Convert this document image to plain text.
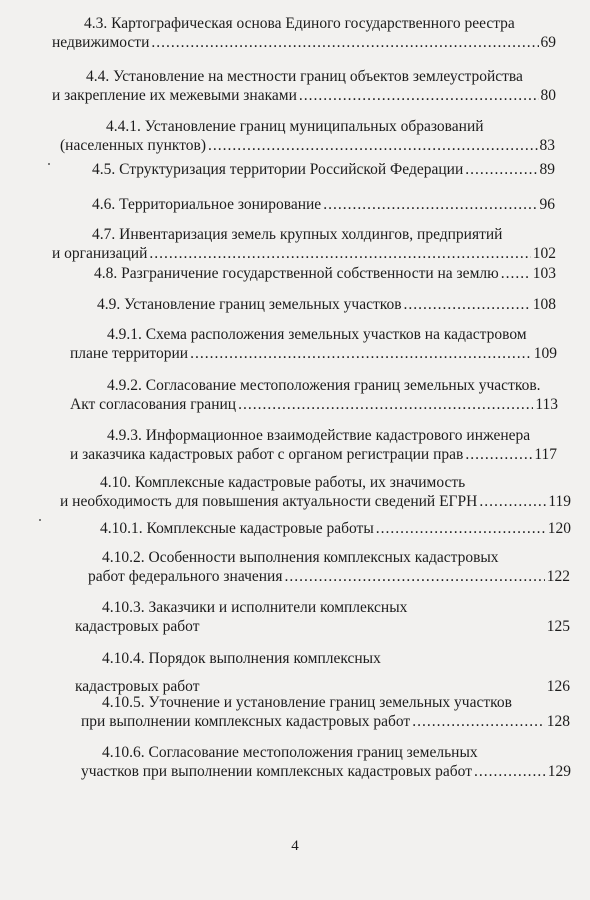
4.3. Картографическая основа Единого государственного реестра
недвижимости .....	69
4.4. Установление на местности границ объектов землеустройства
и закрепление их межевыми знаками .....	80
4.4.1. Установление границ муниципальных образований
(населенных пунктов) .....	83
4.5. Структуризация территории Российской Федерации .....	89
4.6. Территориальное зонирование .....	96
4.7. Инвентаризация земель крупных холдингов, предприятий
и организаций .....	102
4.8. Разграничение государственной собственности на землю ..... 103
4.9. Установление границ земельных участков .....	108
4.9.1. Схема расположения земельных участков на кадастровом
плане территории .....	109
4.9.2. Согласование местоположения границ земельных участков.
Акт согласования границ .....	113
4.9.3. Информационное взаимодействие кадастрового инженера
и заказчика кадастровых работ с органом регистрации прав .....	117
4.10. Комплексные кадастровые работы, их значимость
и необходимость для повышения актуальности сведений ЕГРН .....	119
4.10.1. Комплексные кадастровые работы .....	120
4.10.2. Особенности выполнения комплексных кадастровых
работ федерального значения .....	122
4.10.3. Заказчики и исполнители комплексных
кадастровых работ	125
4.10.4. Порядок выполнения комплексных
кадастровых работ	126
4.10.5. Уточнение и установление границ земельных участков
при выполнении комплексных кадастровых работ .....	128
4.10.6. Согласование местоположения границ земельных
участков при выполнении комплексных кадастровых работ .....	129
4
